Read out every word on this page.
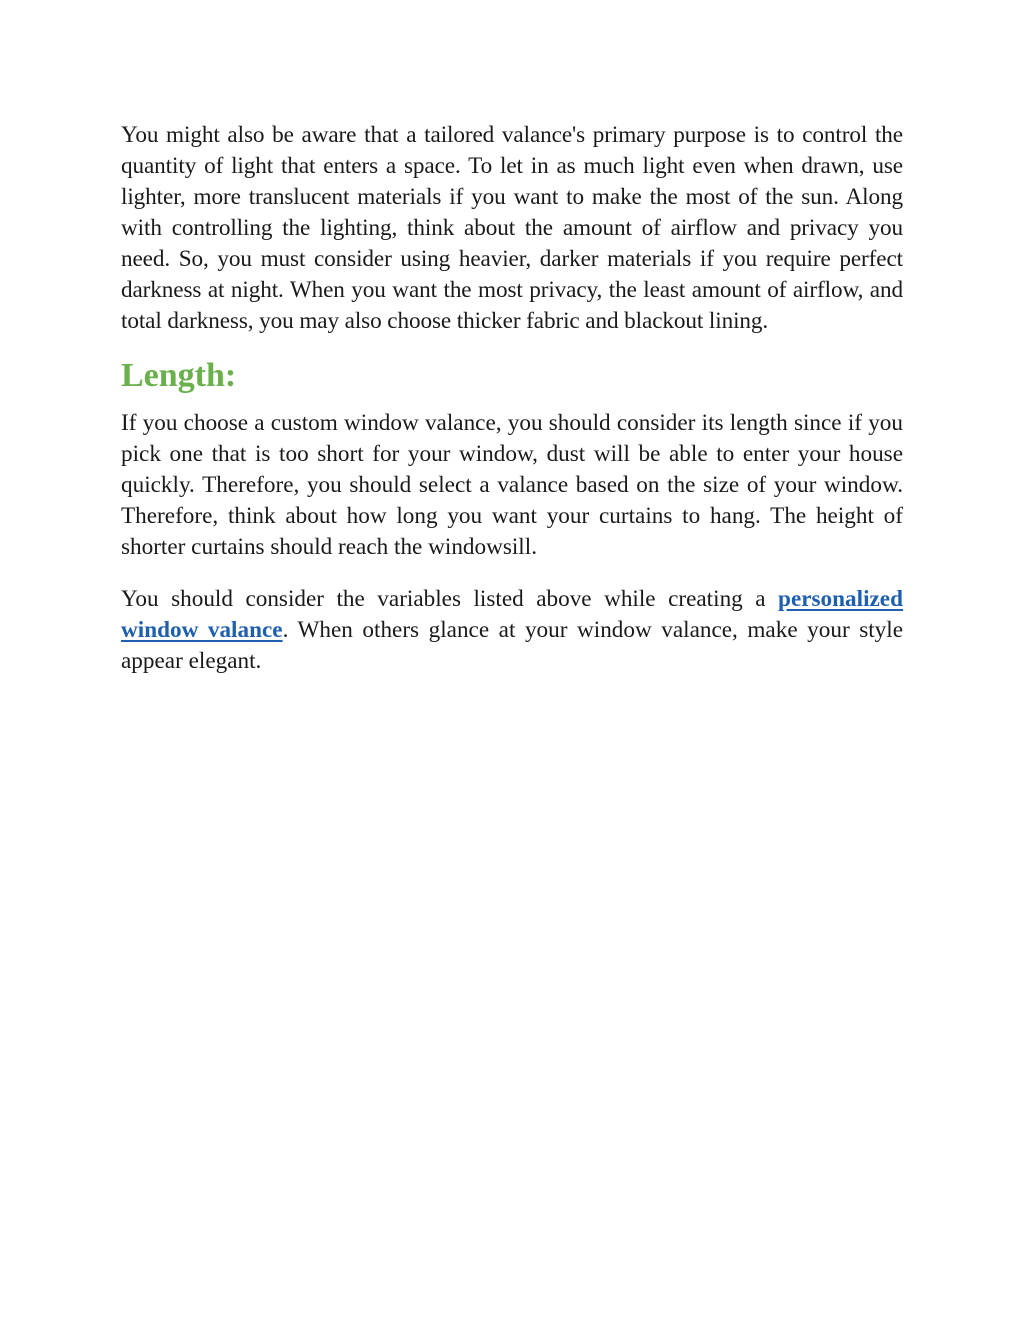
You might also be aware that a tailored valance's primary purpose is to control the quantity of light that enters a space. To let in as much light even when drawn, use lighter, more translucent materials if you want to make the most of the sun. Along with controlling the lighting, think about the amount of airflow and privacy you need. So, you must consider using heavier, darker materials if you require perfect darkness at night. When you want the most privacy, the least amount of airflow, and total darkness, you may also choose thicker fabric and blackout lining.

Length:

If you choose a custom window valance, you should consider its length since if you pick one that is too short for your window, dust will be able to enter your house quickly. Therefore, you should select a valance based on the size of your window. Therefore, think about how long you want your curtains to hang. The height of shorter curtains should reach the windowsill.

You should consider the variables listed above while creating a personalized window valance. When others glance at your window valance, make your style appear elegant.
